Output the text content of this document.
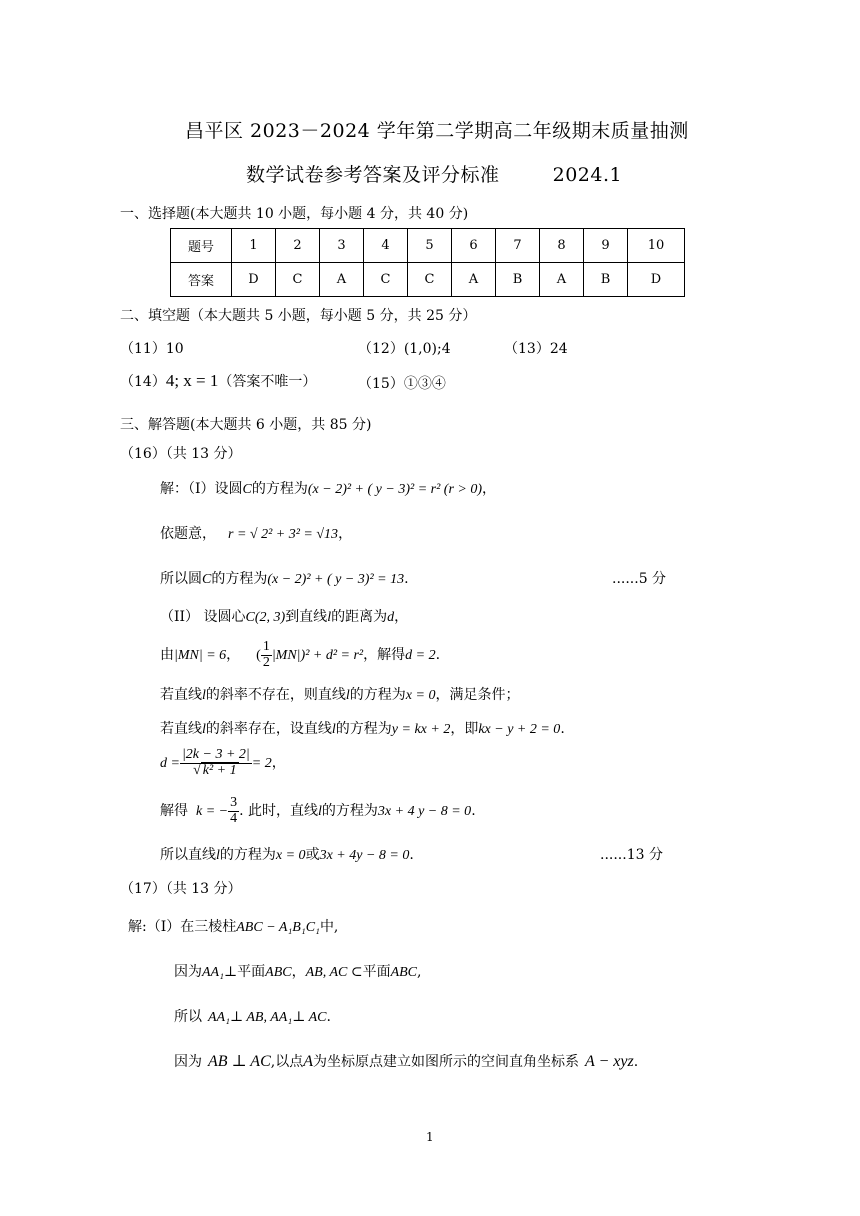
昌平区 2023－2024 学年第二学期高二年级期末质量抽测
数学试卷参考答案及评分标准	2024.1
一、选择题(本大题共 10 小题，每小题 4 分，共 40 分)
题号	1	2	3	4	5	6	7	8	9	10
答案	D	C	A	C	C	A	B	A	B	D
二、填空题（本大题共 5 小题，每小题 5 分，共 25 分）
（11）10	（12）(1,0);4	（13）24
（14）4; x = 1（答案不唯一）	（15）①③④
三、解答题(本大题共 6 小题，共 85 分)
（16）（共 13 分）
解：（I）设圆C的方程为(x − 2)² + ( y − 3)² = r² (r > 0)，
依题意， r = √ 2² + 3² = √13，
所以圆C的方程为(x − 2)² + ( y − 3)² = 13.	......5 分
（II） 设圆心C(2, 3)到直线l的距离为d，
由|MN| = 6， ( $\frac{1}{2} |MN|)^2 + d^2 = r^2$，解得d = 2.
若直线l的斜率不存在，则直线l的方程为x = 0，满足条件；
若直线l的斜率存在，设直线l的方程为y = kx + 2，即kx − y + 2 = 0.
$d = \frac{|2k - 3 + 2|}{\text{√ k² + 1}} = 2$，
解得 k = − $\frac{3}{4}$ . 此时，直线l的方程为3x + 4 y − 8 = 0.
所以直线l的方程为x = 0或3x + 4y − 8 = 0.	......13 分
（17）（共 13 分）
解:（I）在三棱柱ABC − A₁B₁C₁中,
因为AA₁⊥平面ABC，AB, AC ⊂平面ABC,
所以 AA₁⊥ AB, AA₁⊥ AC.
因为 AB ⊥ AC,以点A为坐标原点建立如图所示的空间直角坐标系 A − xyz.
1
